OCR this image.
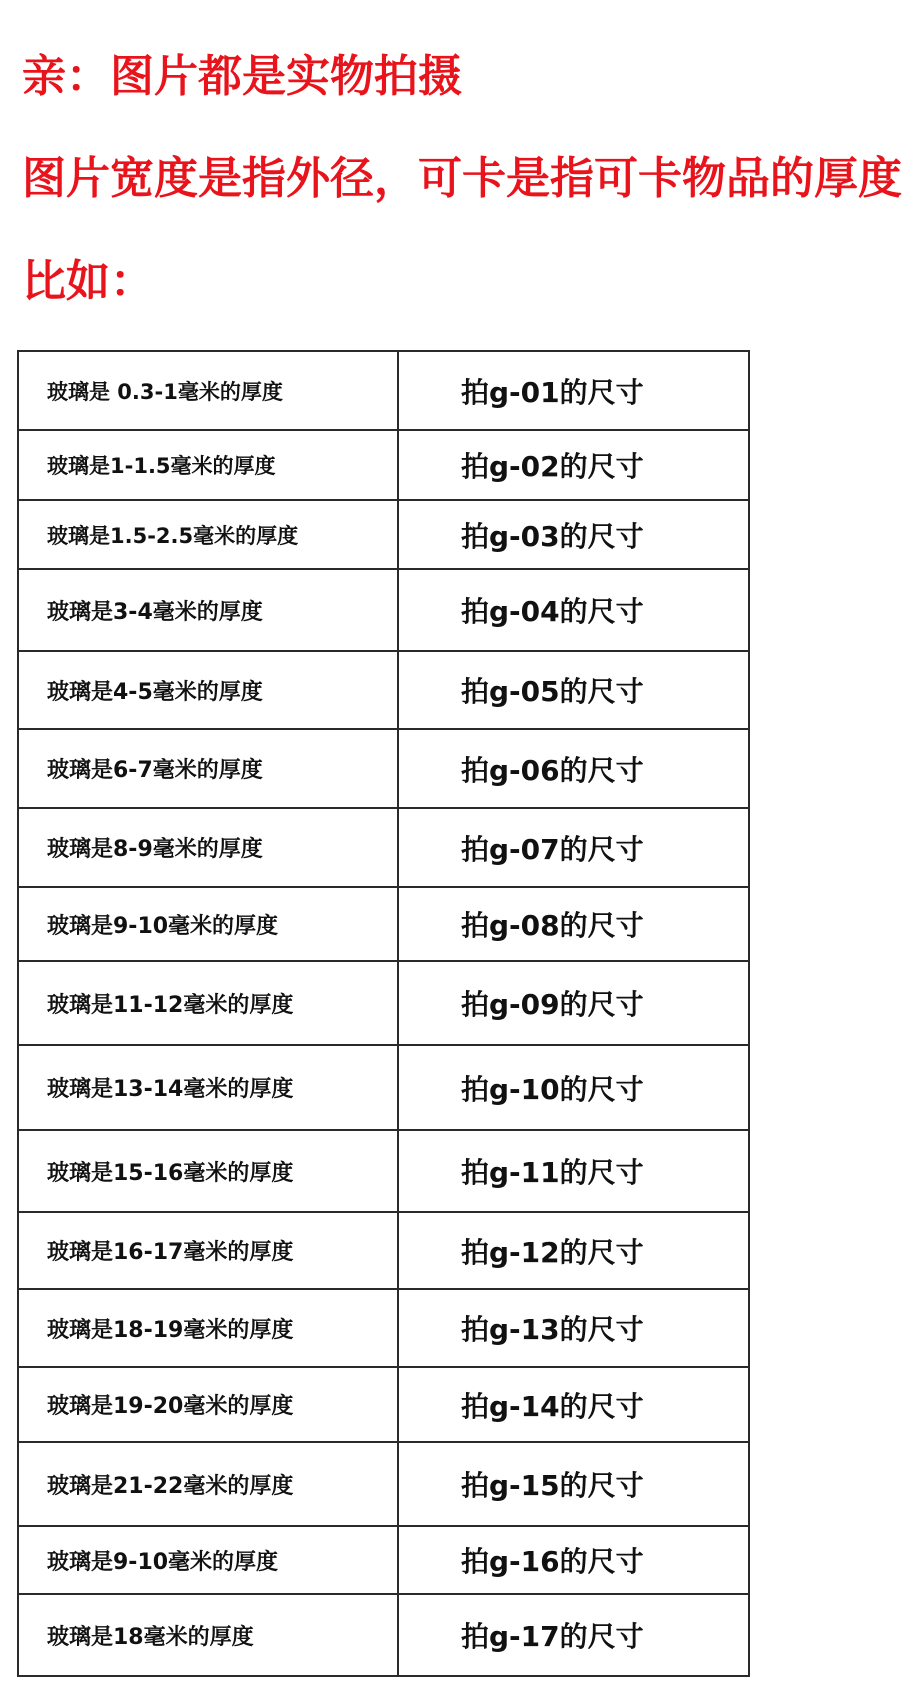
亲：图片都是实物拍摄

图片宽度是指外径，可卡是指可卡物品的厚度

比如：

玻璃是 0.3-1毫米的厚度	拍g-01的尺寸
玻璃是1-1.5毫米的厚度	拍g-02的尺寸
玻璃是1.5-2.5毫米的厚度	拍g-03的尺寸
玻璃是3-4毫米的厚度	拍g-04的尺寸
玻璃是4-5毫米的厚度	拍g-05的尺寸
玻璃是6-7毫米的厚度	拍g-06的尺寸
玻璃是8-9毫米的厚度	拍g-07的尺寸
玻璃是9-10毫米的厚度	拍g-08的尺寸
玻璃是11-12毫米的厚度	拍g-09的尺寸
玻璃是13-14毫米的厚度	拍g-10的尺寸
玻璃是15-16毫米的厚度	拍g-11的尺寸
玻璃是16-17毫米的厚度	拍g-12的尺寸
玻璃是18-19毫米的厚度	拍g-13的尺寸
玻璃是19-20毫米的厚度	拍g-14的尺寸
玻璃是21-22毫米的厚度	拍g-15的尺寸
玻璃是9-10毫米的厚度	拍g-16的尺寸
玻璃是18毫米的厚度	拍g-17的尺寸
